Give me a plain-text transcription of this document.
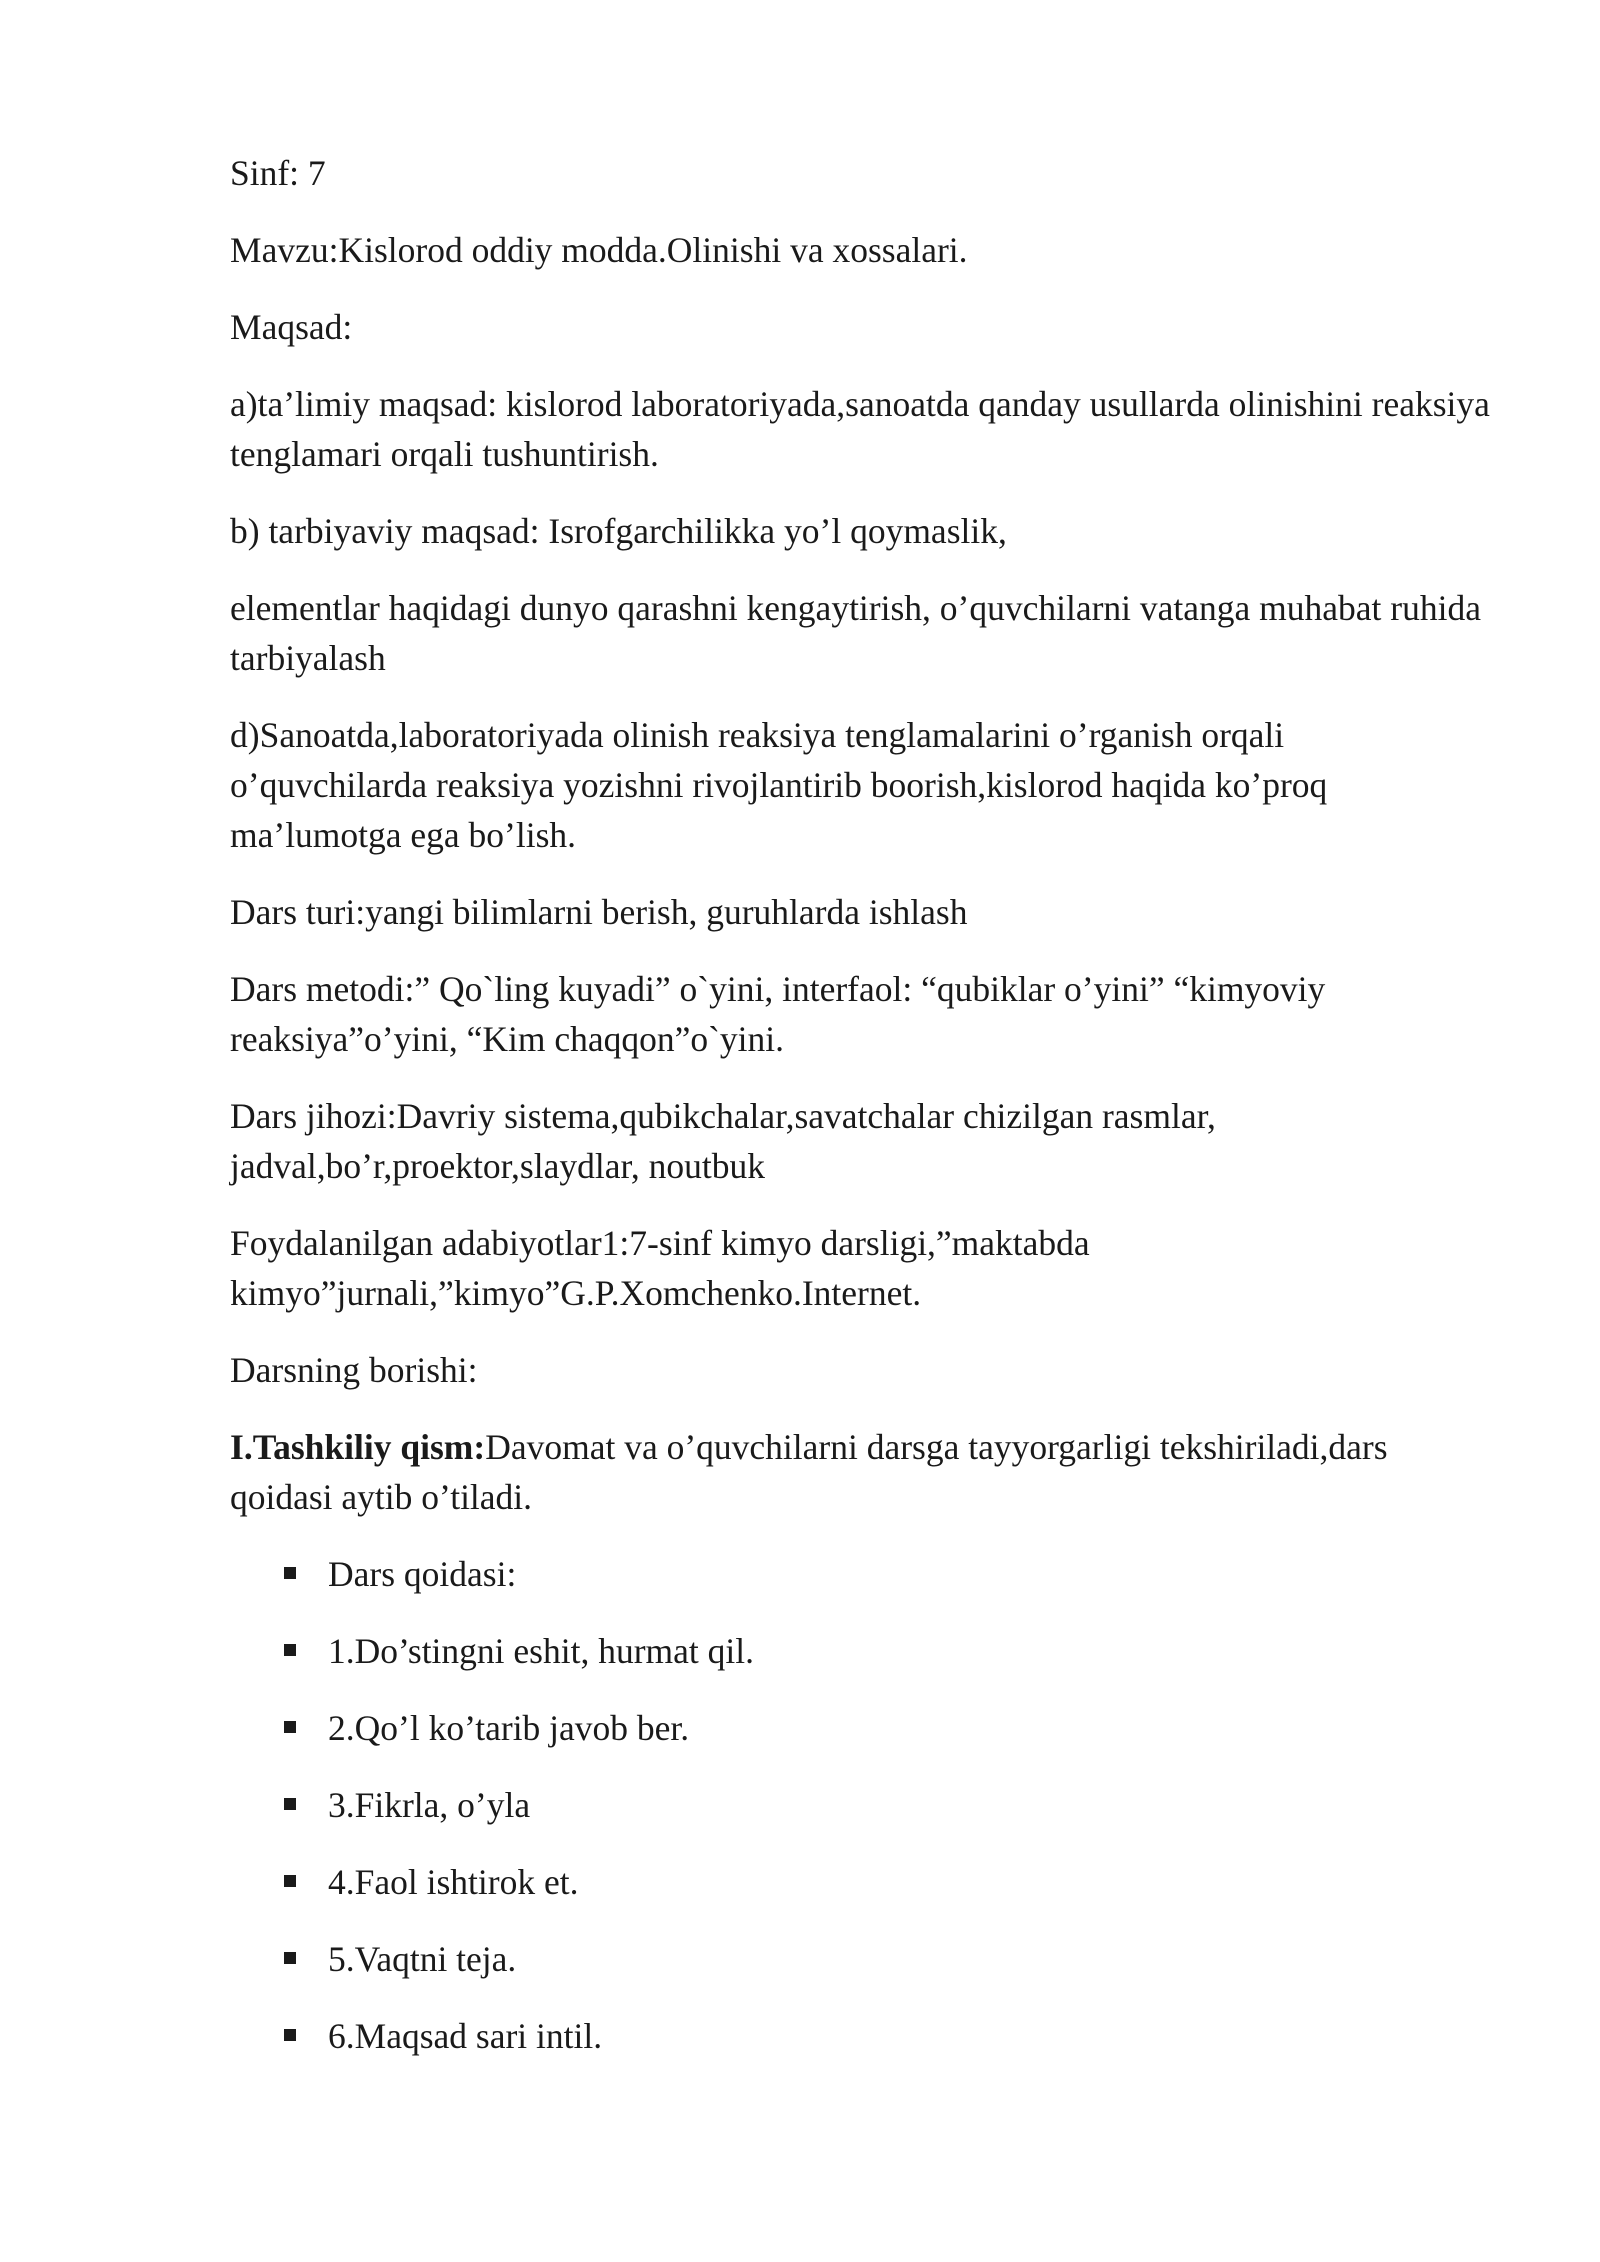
Sinf: 7

Mavzu:Kislorod oddiy modda.Olinishi va xossalari.

Maqsad:

a)ta’limiy maqsad: kislorod laboratoriyada,sanoatda qanday usullarda olinishini reaksiya tenglamari orqali tushuntirish.

b) tarbiyaviy maqsad: Isrofgarchilikka yo’l qoymaslik,

elementlar haqidagi dunyo qarashni kengaytirish, o’quvchilarni vatanga muhabat ruhida tarbiyalash

d)Sanoatda,laboratoriyada olinish reaksiya tenglamalarini o’rganish orqali o’quvchilarda reaksiya yozishni rivojlantirib boorish,kislorod haqida ko’proq ma’lumotga ega bo’lish.

Dars turi:yangi bilimlarni berish, guruhlarda ishlash

Dars metodi:” Qo`ling kuyadi” o`yini, interfaol: “qubiklar o’yini” “kimyoviy reaksiya”o’yini, “Kim chaqqon”o`yini.

Dars jihozi:Davriy sistema,qubikchalar,savatchalar chizilgan rasmlar, jadval,bo’r,proektor,slaydlar, noutbuk

Foydalanilgan adabiyotlar1:7-sinf kimyo darsligi,”maktabda kimyo”jurnali,”kimyo”G.P.Xomchenko.Internet.

Darsning borishi:

I.Tashkiliy qism:Davomat va o’quvchilarni darsga tayyorgarligi tekshiriladi,dars qoidasi aytib o’tiladi.

Dars qoidasi:
1.Do’stingni eshit, hurmat qil.
2.Qo’l ko’tarib javob ber.
3.Fikrla, o’yla
4.Faol ishtirok et.
5.Vaqtni teja.
6.Maqsad sari intil.
